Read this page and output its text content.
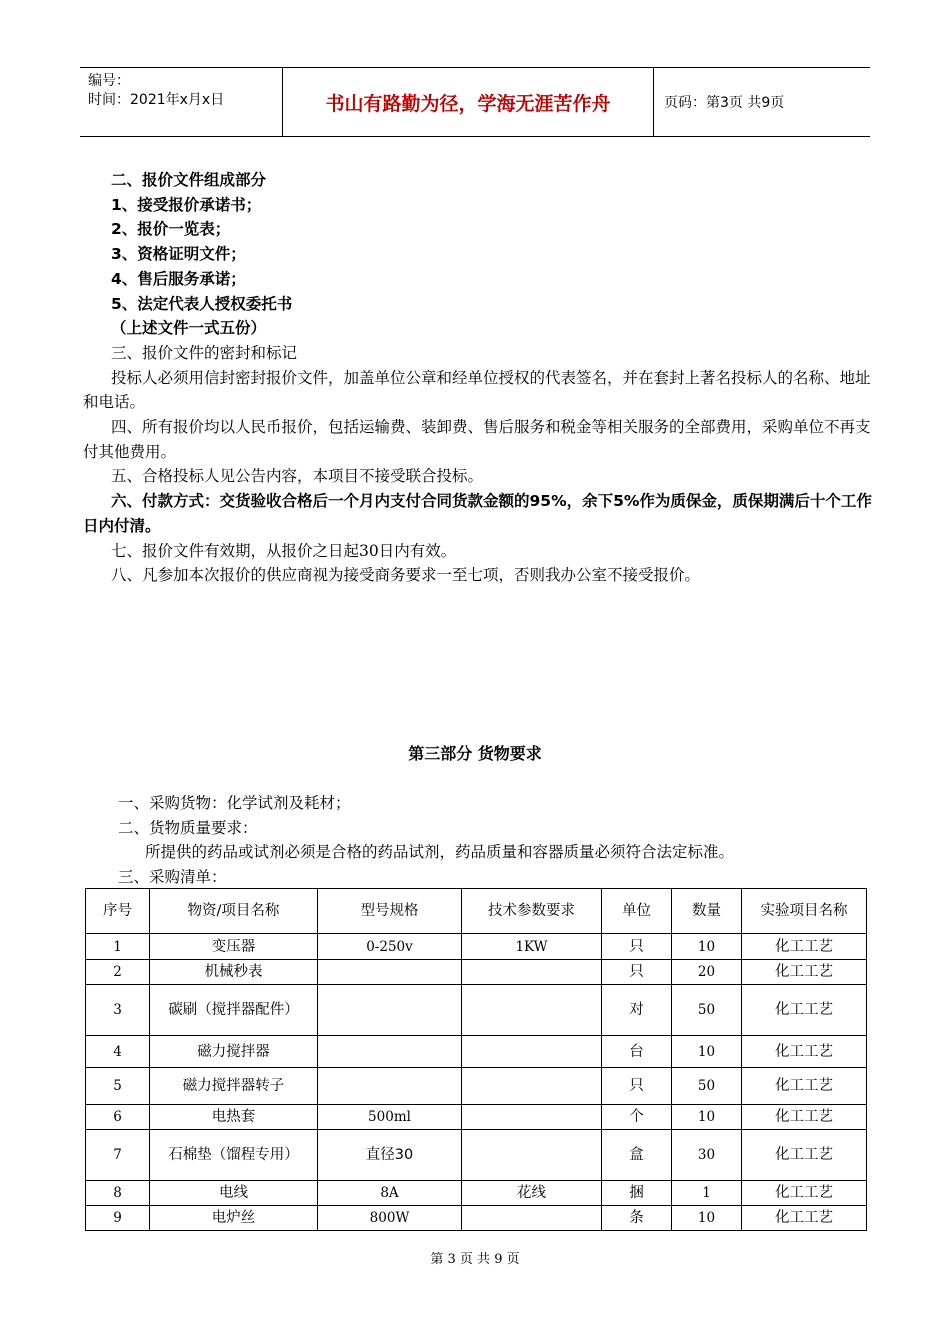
编号：
时间：2021年x月x日	书山有路勤为径，学海无涯苦作舟	页码：第3页 共9页

二、报价文件组成部分

1、接受报价承诺书；

2、报价一览表；

3、资格证明文件；

4、售后服务承诺；

5、法定代表人授权委托书

（上述文件一式五份）

三、报价文件的密封和标记

投标人必须用信封密封报价文件，加盖单位公章和经单位授权的代表签名，并在套封上著名投标人的名称、地址和电话。

四、所有报价均以人民币报价，包括运输费、装卸费、售后服务和税金等相关服务的全部费用，采购单位不再支付其他费用。

五、合格投标人见公告内容，本项目不接受联合投标。

六、付款方式：交货验收合格后一个月内支付合同货款金额的95%，余下5%作为质保金，质保期满后十个工作日内付清。

七、报价文件有效期，从报价之日起30日内有效。

八、凡参加本次报价的供应商视为接受商务要求一至七项，否则我办公室不接受报价。

第三部分 货物要求

一、采购货物：化学试剂及耗材；

二、货物质量要求：

所提供的药品或试剂必须是合格的药品试剂，药品质量和容器质量必须符合法定标准。

三、采购清单：

序号	物资/项目名称	型号规格	技术参数要求	单位	数量	实验项目名称
1	变压器	0-250v	1KW	只	10	化工工艺
2	机械秒表			只	20	化工工艺
3	碳刷（搅拌器配件）			对	50	化工工艺
4	磁力搅拌器			台	10	化工工艺
5	磁力搅拌器转子			只	50	化工工艺
6	电热套	500ml		个	10	化工工艺
7	石棉垫（馏程专用）	直径30		盒	30	化工工艺
8	电线	8A	花线	捆	1	化工工艺
9	电炉丝	800W		条	10	化工工艺
第 3 页 共 9 页
